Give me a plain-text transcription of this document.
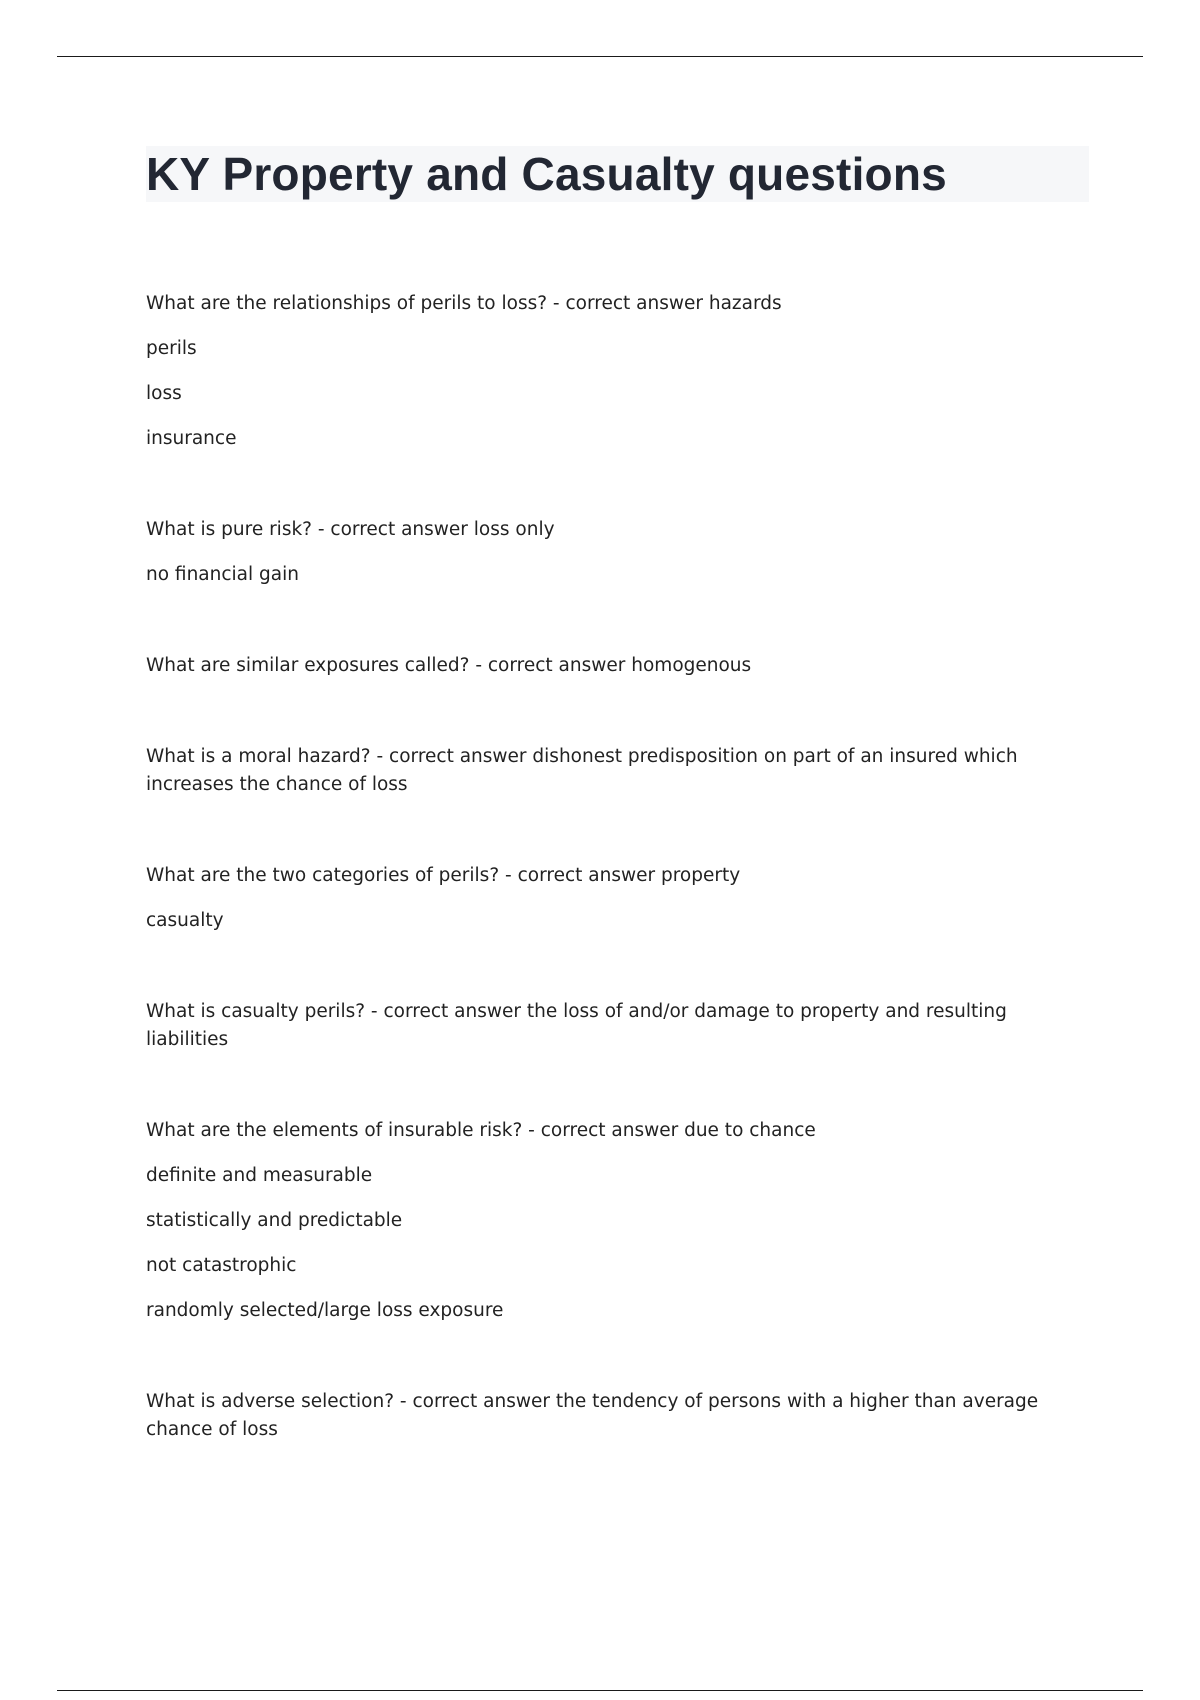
KY Property and Casualty questions
What are the relationships of perils to loss? - correct answer hazards
perils
loss
insurance
What is pure risk? - correct answer loss only
no financial gain
What are similar exposures called? - correct answer homogenous
What is a moral hazard? - correct answer dishonest predisposition on part of an insured which increases the chance of loss
What are the two categories of perils? - correct answer property
casualty
What is casualty perils? - correct answer the loss of and/or damage to property and resulting liabilities
What are the elements of insurable risk? - correct answer due to chance
definite and measurable
statistically and predictable
not catastrophic
randomly selected/large loss exposure
What is adverse selection? - correct answer the tendency of persons with a higher than average chance of loss
